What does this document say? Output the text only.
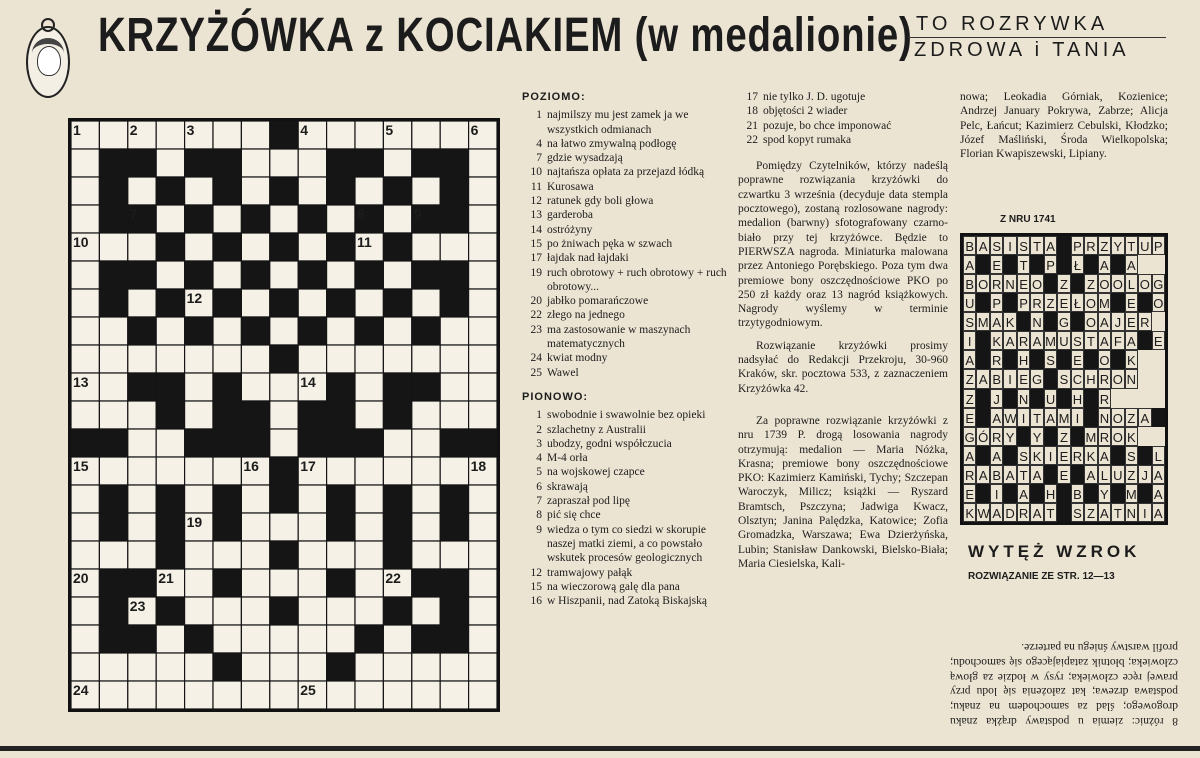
KRZYŻÓWKA z KOCIAKIEM (w medalionie) TO ROZRYWKA
ZDROWA i TANIA
1	2	3	4	5	6
7	8	9
10	11
12
13	14
15	16	17	18
19
20	21	22
23
24	25
POZIOMO:
1 najmilszy mu jest zamek ja we wszystkich odmianach
4 na łatwo zmywalną podłogę
7 gdzie wysadzają
10 najtańsza opłata za przejazd łódką
11 Kurosawa
12 ratunek gdy boli głowa
13 garderoba
14 ostróżyny
15 po żniwach pęka w szwach
17 łajdak nad łajdaki
19 ruch obrotowy + ruch obrotowy + ruch obrotowy...
20 jabłko pomarańczowe
22 złego na jednego
23 ma zastosowanie w maszynach matematycznych
24 kwiat modny
25 Wawel
PIONOWO:
1 swobodnie i swawolnie bez opieki
2 szlachetny z Australii
3 ubodzy, godni współczucia
4 M-4 orła
5 na wojskowej czapce
6 skrawają
7 zapraszał pod lipę
8 pić się chce
9 wiedza o tym co siedzi w skorupie naszej matki ziemi, a co powstało wskutek procesów geologicznych
12 tramwajowy pałąk
15 na wieczorową galę dla pana
16 w Hiszpanii, nad Zatoką Biskajską
17 nie tylko J. D. ugotuje
18 objętości 2 wiader
21 pozuje, bo chce imponować
22 spod kopyt rumaka
Pomiędzy Czytelników, którzy nadeślą poprawne rozwiązania krzyżówki do czwartku 3 września (decyduje data stempla pocztowego), zostaną rozlosowane nagrody: medalion (barwny) sfotografowany czarno-biało przy tej krzyżówce. Będzie to PIERWSZA nagroda. Miniaturka malowana przez Antoniego Porębskiego. Poza tym dwa premiowe bony oszczędnościowe PKO po 250 zł każdy oraz 13 nagród książkowych. Nagrody wyślemy w terminie trzytygodniowym.
Rozwiązanie krzyżówki prosimy nadsyłać do Redakcji Przekroju, 30-960 Kraków, skr. pocztowa 533, z zaznaczeniem Krzyżówka 42.
Za poprawne rozwiązanie krzyżówki z nru 1739 P. drogą losowania nagrody otrzymują: medalion — Maria Nóżka, Krasna; premiowe bony oszczędnościowe PKO: Kazimierz Kamiński, Tychy; Szczepan Waroczyk, Milicz; książki — Ryszard Bramtsch, Pszczyna; Jadwiga Kwacz, Olsztyn; Janina Palędzka, Katowice; Zofia Gromadzka, Warszawa; Ewa Dzierżyńska, Lubin; Stanisław Dankowski, Bielsko-Biała; Maria Ciesielska, Kali-
nowa; Leokadia Górniak, Kozienice; Andrzej January Pokrywa, Zabrze; Alicja Pelc, Łańcut; Kazimierz Cebulski, Kłodzko; Józef Maśliński, Środa Wielkopolska; Florian Kwapiszewski, Lipiany.
Z NRU 1741
B A S I S T A P R Z Y T U P
A E T P Ł A A
B O R N E O Z Z O O L O G
U P P R Z E Ł O M E O
S M A K N G O A J E R
I	K A R A M U S T A F A E
A R H S E O K
Z A B I E G S C H R O N
Z J N U H R
E A W I T A M I	N O Z A
G Ó R Y Y Z M R O K
A A S K I E R K A S L
R A B A T A E A L U Z J A
E	I	A H B Y M A
K W A D R A T S Z A T N I A
WYTĘŻ WZROK
ROZWIĄZANIE ZE STR. 12—13
8 różnic: ziemia u podstawy drążka znaku drogowego; ślad za samochodem na znaku; podstawa drzewa; kat założenia się lodu przy prawej ręce człowieka; rysy w łodzie za głową człowieka; błotnik zatapiającego się samochodu; profil warstwy śniegu na parterze.
